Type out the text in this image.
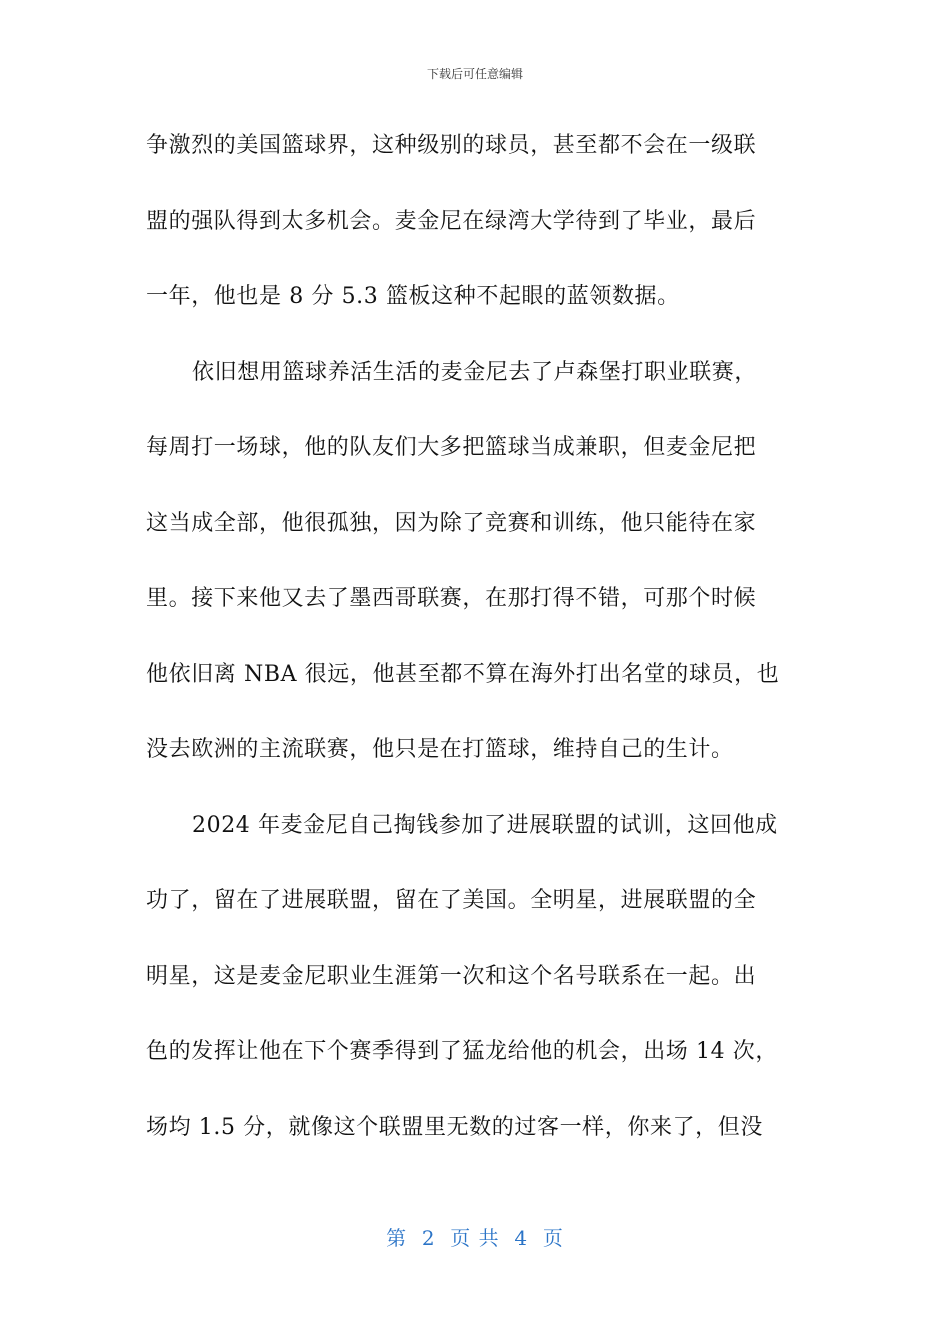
下载后可任意编辑
争激烈的美国篮球界，这种级别的球员，甚至都不会在一级联
盟的强队得到太多机会。麦金尼在绿湾大学待到了毕业，最后
一年，他也是 8 分 5.3 篮板这种不起眼的蓝领数据。
依旧想用篮球养活生活的麦金尼去了卢森堡打职业联赛，
每周打一场球，他的队友们大多把篮球当成兼职，但麦金尼把
这当成全部，他很孤独，因为除了竞赛和训练，他只能待在家
里。接下来他又去了墨西哥联赛，在那打得不错，可那个时候
他依旧离 NBA 很远，他甚至都不算在海外打出名堂的球员，也
没去欧洲的主流联赛，他只是在打篮球，维持自己的生计。
2024 年麦金尼自己掏钱参加了进展联盟的试训，这回他成
功了，留在了进展联盟，留在了美国。全明星，进展联盟的全
明星，这是麦金尼职业生涯第一次和这个名号联系在一起。出
色的发挥让他在下个赛季得到了猛龙给他的机会，出场 14 次，
场均 1.5 分，就像这个联盟里无数的过客一样，你来了，但没
第  2  页 共  4  页
